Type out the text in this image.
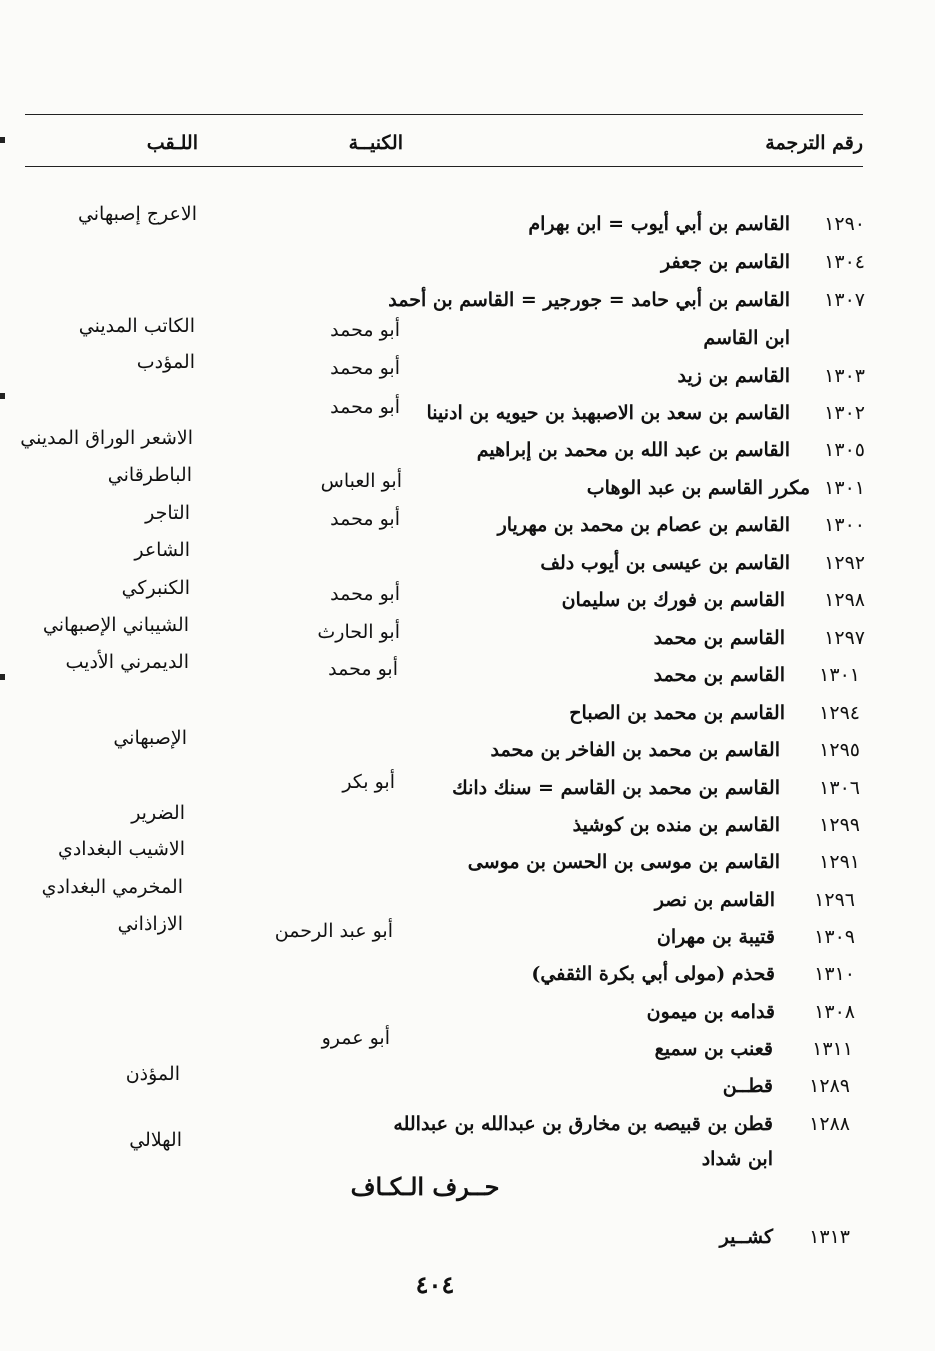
رقم الترجمة
الكنيــة
اللـقب
١٢٩٠
القاسم بن أبي أيوب = ابن بهرام
١٣٠٤
القاسم بن جعفر
١٣٠٧
القاسم بن أبي حامد = جورجير = القاسم بن أحمد
ابن القاسم
١٣٠٣
القاسم بن زيد
١٣٠٢
القاسم بن سعد بن الاصبهبذ بن حيويه بن ادنينا
١٣٠٥
القاسم بن عبد الله بن محمد بن إبراهيم
١٣٠١
مكرر القاسم بن عبد الوهاب
١٣٠٠
القاسم بن عصام بن محمد بن مهريار
١٢٩٢
القاسم بن عيسى بن أيوب دلف
١٢٩٨
القاسم بن فورك بن سليمان
١٢٩٧
القاسم بن محمد
١٣٠١
القاسم بن محمد
١٢٩٤
القاسم بن محمد بن الصباح
١٢٩٥
القاسم بن محمد بن الفاخر بن محمد
١٣٠٦
القاسم بن محمد بن القاسم = سنك دانك
١٢٩٩
القاسم بن منده بن كوشيذ
١٢٩١
القاسم بن موسى بن الحسن بن موسى
١٢٩٦
القاسم بن نصر
١٣٠٩
قتيبة بن مهران
١٣١٠
قحذم (مولى أبي بكرة الثقفي)
١٣٠٨
قدامه بن ميمون
١٣١١
قعنب بن سميع
١٢٨٩
قطــن
١٢٨٨
قطن بن قبيصه بن مخارق بن عبدالله بن عبدالله
ابن شداد
أبو محمد
أبو محمد
أبو محمد
أبو العباس
أبو محمد
أبو محمد
أبو الحارث
أبو محمد
أبو بكر
أبو عبد الرحمن
أبو عمرو
الاعرج إصبهاني
الكاتب المديني
المؤدب
الاشعر الوراق المديني
الباطرقاني
التاجر
الشاعر
الكنبركي
الشيباني الإصبهاني
الديمرني الأديب
الإصبهاني
الضرير
الاشيب البغدادي
المخرمي البغدادي
الازاذاني
المؤذن
الهلالي
حــرف الـكـاف
١٣١٣
كشــير
٤٠٤
